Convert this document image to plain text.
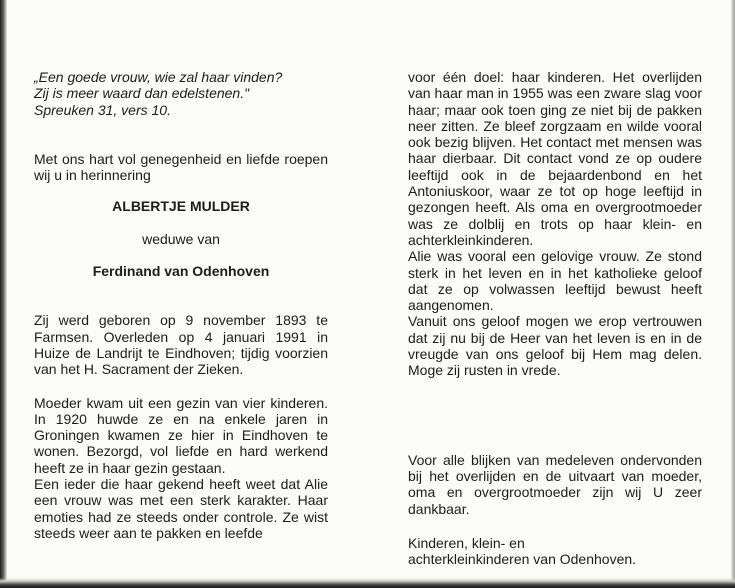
„Een goede vrouw, wie zal haar vinden?

Zij is meer waard dan edelstenen."

Spreuken 31, vers 10.

Met ons hart vol genegenheid en liefde roepen wij u in herinnering

ALBERTJE MULDER

weduwe van

Ferdinand van Odenhoven

Zij werd geboren op 9 november 1893 te Farmsen. Overleden op 4 januari 1991 in Huize de Landrijt te Eindhoven; tijdig voorzien van het H. Sacrament der Zieken.

Moeder kwam uit een gezin van vier kinderen. In 1920 huwde ze en na enkele jaren in Groningen kwamen ze hier in Eindhoven te wonen. Bezorgd, vol liefde en hard werkend heeft ze in haar gezin gestaan.

Een ieder die haar gekend heeft weet dat Alie een vrouw was met een sterk karakter. Haar emoties had ze steeds onder controle. Ze wist steeds weer aan te pakken en leefde

voor één doel: haar kinderen. Het overlijden van haar man in 1955 was een zware slag voor haar; maar ook toen ging ze niet bij de pakken neer zitten. Ze bleef zorgzaam en wilde vooral ook bezig blijven. Het contact met mensen was haar dierbaar. Dit contact vond ze op oudere leeftijd ook in de bejaardenbond en het Antoniuskoor, waar ze tot op hoge leeftijd in gezongen heeft. Als oma en overgrootmoeder was ze dolblij en trots op haar klein- en achterkleinkinderen.

Alie was vooral een gelovige vrouw. Ze stond sterk in het leven en in het katholieke geloof dat ze op volwassen leeftijd bewust heeft aangenomen.

Vanuit ons geloof mogen we erop vertrouwen dat zij nu bij de Heer van het leven is en in de vreugde van ons geloof bij Hem mag delen. Moge zij rusten in vrede.

Voor alle blijken van medeleven ondervonden bij het overlijden en de uitvaart van moeder, oma en overgrootmoeder zijn wij U zeer dankbaar.

Kinderen, klein- en

achterkleinkinderen van Odenhoven.
